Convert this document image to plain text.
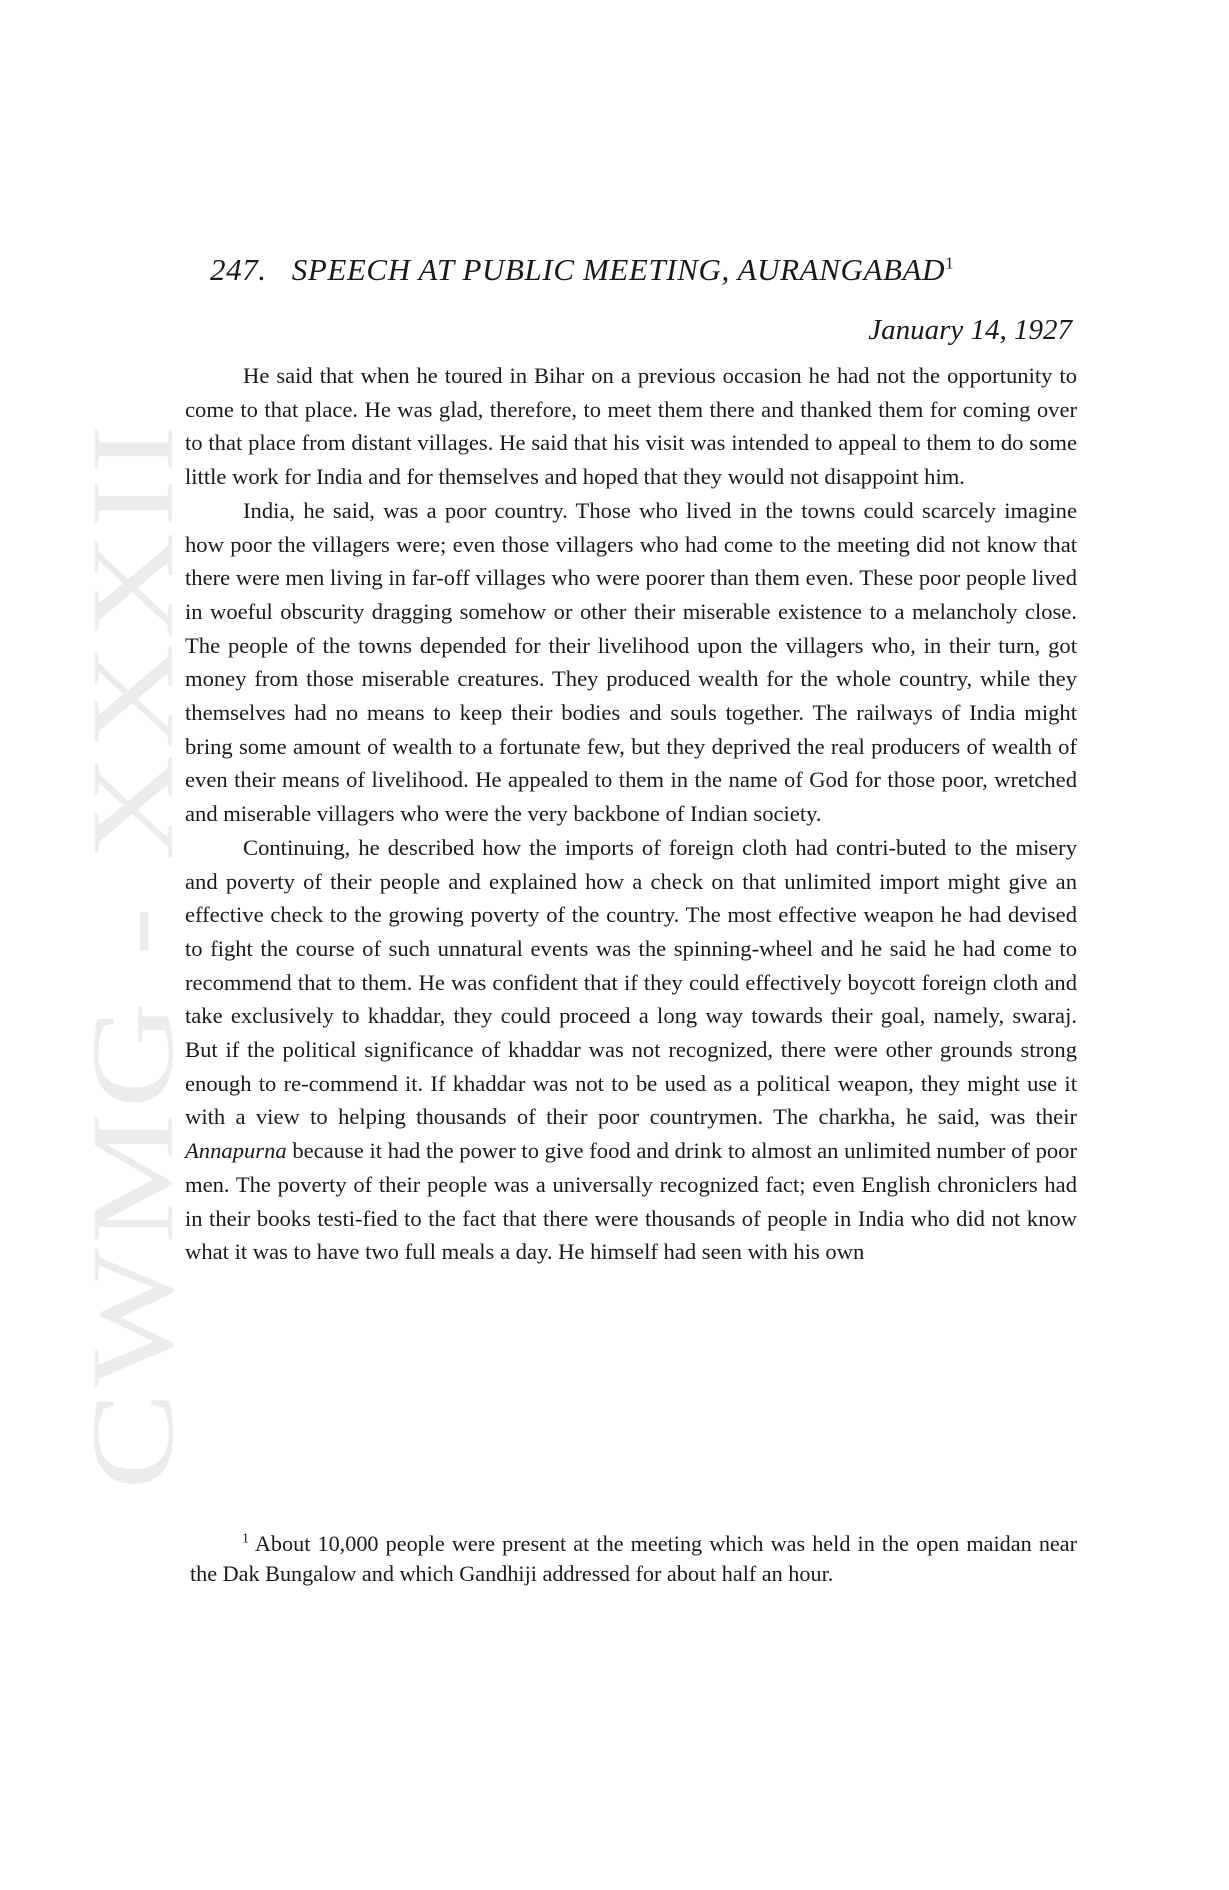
CWMG - XXXII
247. SPEECH AT PUBLIC MEETING, AURANGABAD$^1$
January 14, 1927

He said that when he toured in Bihar on a previous occasion he had not the opportunity to come to that place. He was glad, therefore, to meet them there and thanked them for coming over to that place from distant villages. He said that his visit was intended to appeal to them to do some little work for India and for themselves and hoped that they would not disappoint him.

India, he said, was a poor country. Those who lived in the towns could scarcely imagine how poor the villagers were; even those villagers who had come to the meeting did not know that there were men living in far-off villages who were poorer than them even. These poor people lived in woeful obscurity dragging somehow or other their miserable existence to a melancholy close. The people of the towns depended for their livelihood upon the villagers who, in their turn, got money from those miserable creatures. They produced wealth for the whole country, while they themselves had no means to keep their bodies and souls together. The railways of India might bring some amount of wealth to a fortunate few, but they deprived the real producers of wealth of even their means of livelihood. He appealed to them in the name of God for those poor, wretched and miserable villagers who were the very backbone of Indian society.

Continuing, he described how the imports of foreign cloth had contri-buted to the misery and poverty of their people and explained how a check on that unlimited import might give an effective check to the growing poverty of the country. The most effective weapon he had devised to fight the course of such unnatural events was the spinning-wheel and he said he had come to recommend that to them. He was confident that if they could effectively boycott foreign cloth and take exclusively to khaddar, they could proceed a long way towards their goal, namely, swaraj. But if the political significance of khaddar was not recognized, there were other grounds strong enough to re-commend it. If khaddar was not to be used as a political weapon, they might use it with a view to helping thousands of their poor countrymen. The charkha, he said, was their Annapurna because it had the power to give food and drink to almost an unlimited number of poor men. The poverty of their people was a universally recognized fact; even English chroniclers had in their books testi-fied to the fact that there were thousands of people in India who did not know what it was to have two full meals a day. He himself had seen with his own

$^1$ About 10,000 people were present at the meeting which was held in the open maidan near the Dak Bungalow and which Gandhiji addressed for about half an hour.
